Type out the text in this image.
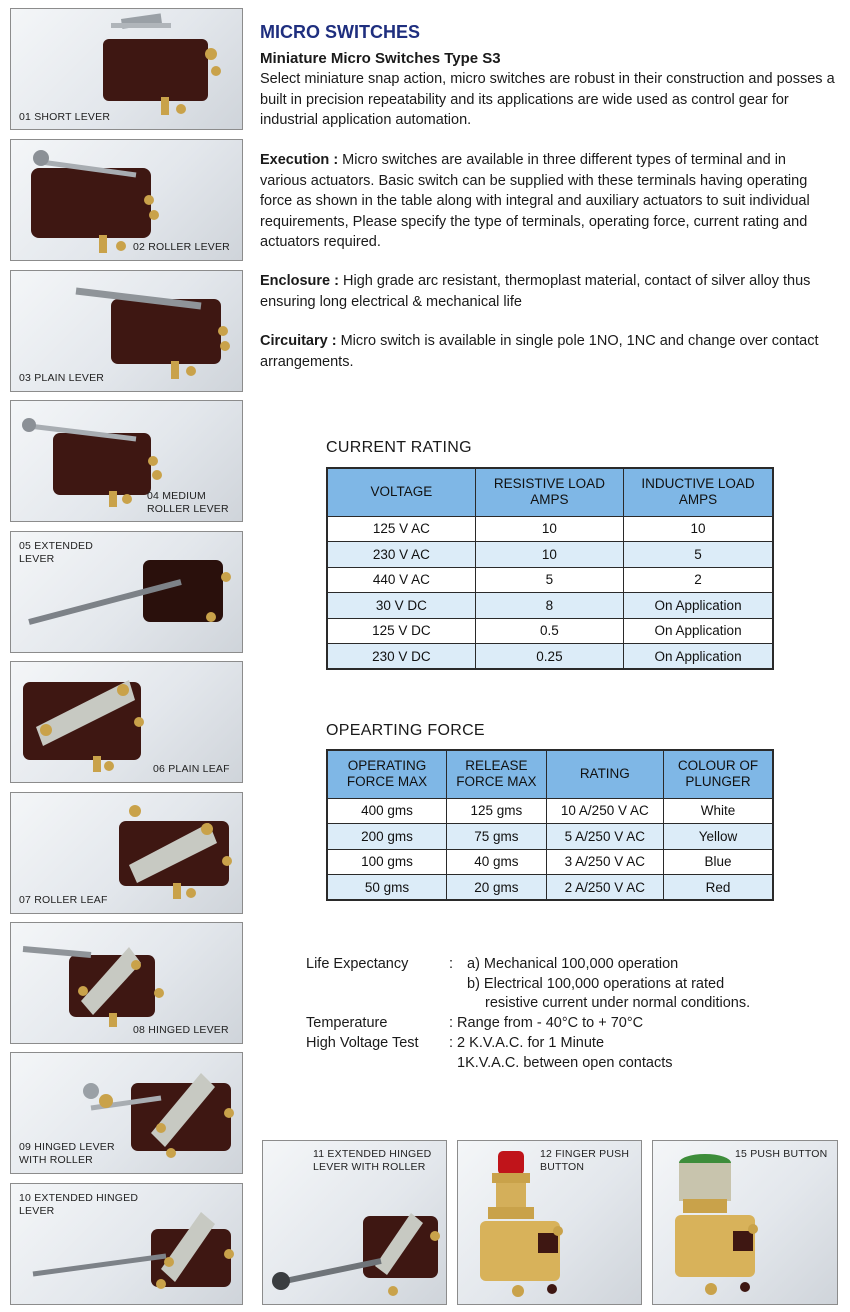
01 SHORT LEVER
02 ROLLER LEVER
03 PLAIN LEVER
04 MEDIUM
ROLLER LEVER
05 EXTENDED
LEVER
06 PLAIN LEAF
07 ROLLER LEAF
08 HINGED LEVER
09 HINGED LEVER
WITH ROLLER
10 EXTENDED HINGED
LEVER
11 EXTENDED HINGED
LEVER WITH ROLLER
12 FINGER PUSH
BUTTON
15 PUSH BUTTON
MICRO SWITCHES
Miniature Micro Switches Type S3
Select miniature snap action, micro switches are robust in their construction and posses a built in precision repeatability and its applications are wide used as control gear for industrial application automation.
Execution : Micro switches are available in three different types of terminal and in various actuators. Basic switch can be supplied with these terminals having operating force as shown in the table along with integral and auxiliary actuators to suit individual requirements, Please specify the type of terminals, operating force, current rating and actuators required.
Enclosure : High grade arc resistant, thermoplast material, contact of silver alloy thus ensuring long electrical & mechanical life
Circuitary : Micro switch is available in single pole 1NO, 1NC and change over contact arrangements.
CURRENT RATING
VOLTAGE	RESISTIVE LOAD AMPS	INDUCTIVE LOAD AMPS
125 V AC	10	10
230 V AC	10	5
440 V AC	5	2
30 V DC	8	On Application
125 V DC	0.5	On Application
230 V DC	0.25	On Application
OPEARTING FORCE
OPERATING FORCE MAX	RELEASE FORCE MAX	RATING	COLOUR OF PLUNGER
400 gms	125 gms	10 A/250 V AC	White
200 gms	75 gms	5 A/250 V AC	Yellow
100 gms	40 gms	3 A/250 V AC	Blue
50 gms	20 gms	2 A/250 V AC	Red
Life Expectancy	: a) Mechanical 100,000 operation
b) Electrical 100,000 operations at rated
resistive current under normal conditions.
Temperature	: Range from - 40°C to + 70°C
High Voltage Test : 2 K.V.A.C. for 1 Minute
1K.V.A.C. between open contacts
